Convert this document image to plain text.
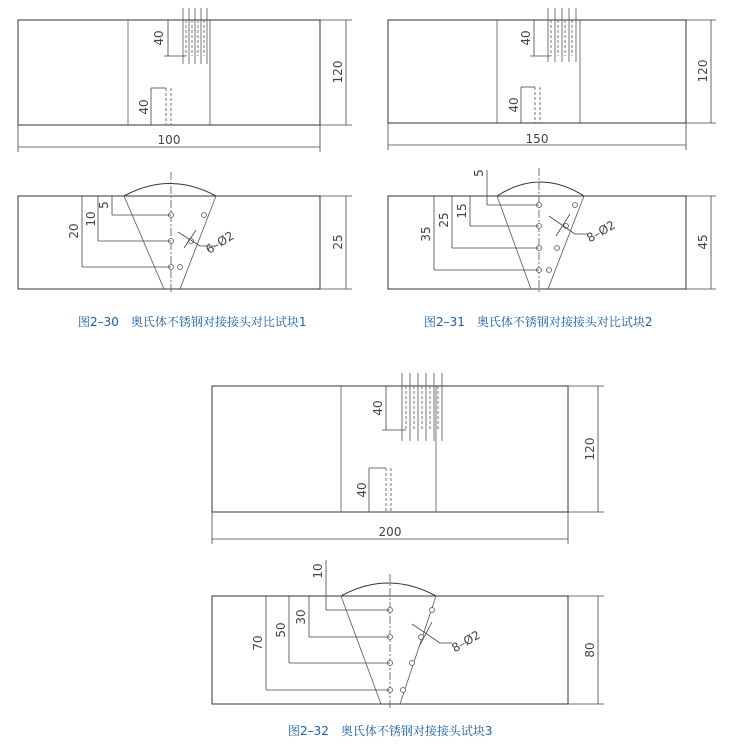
40
40
120
100
5
10
20	6–Ø2	25
40
40
120
150
5
15
25
35	8–Ø2	45
40
40
120
200
10
30
50
70	8–Ø2	80
图2–30 奥氏体不锈钢对接接头对比试块1	图2–31 奥氏体不锈钢对接接头对比试块2
图2–32 奥氏体不锈钢对接接头试块3
